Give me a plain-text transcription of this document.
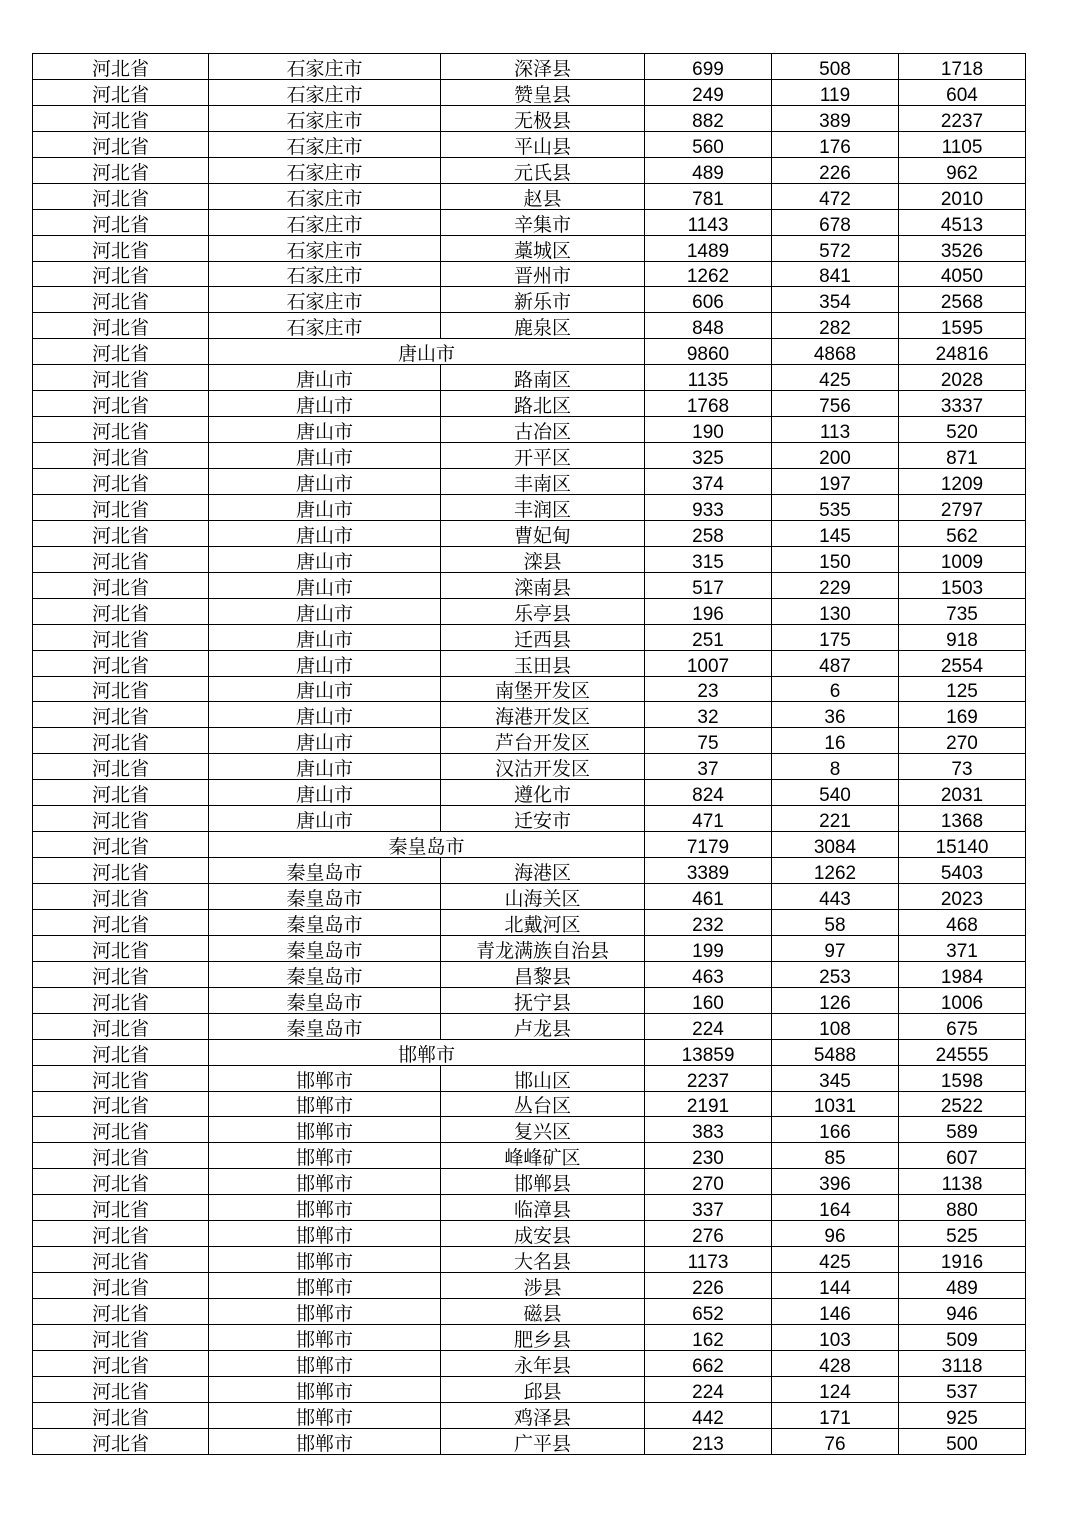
河北省	石家庄市	深泽县	699	508	1718
河北省	石家庄市	赞皇县	249	119	604
河北省	石家庄市	无极县	882	389	2237
河北省	石家庄市	平山县	560	176	1105
河北省	石家庄市	元氏县	489	226	962
河北省	石家庄市	赵县	781	472	2010
河北省	石家庄市	辛集市	1143	678	4513
河北省	石家庄市	藁城区	1489	572	3526
河北省	石家庄市	晋州市	1262	841	4050
河北省	石家庄市	新乐市	606	354	2568
河北省	石家庄市	鹿泉区	848	282	1595
河北省	唐山市		9860	4868	24816
河北省	唐山市	路南区	1135	425	2028
河北省	唐山市	路北区	1768	756	3337
河北省	唐山市	古冶区	190	113	520
河北省	唐山市	开平区	325	200	871
河北省	唐山市	丰南区	374	197	1209
河北省	唐山市	丰润区	933	535	2797
河北省	唐山市	曹妃甸	258	145	562
河北省	唐山市	滦县	315	150	1009
河北省	唐山市	滦南县	517	229	1503
河北省	唐山市	乐亭县	196	130	735
河北省	唐山市	迁西县	251	175	918
河北省	唐山市	玉田县	1007	487	2554
河北省	唐山市	南堡开发区	23	6	125
河北省	唐山市	海港开发区	32	36	169
河北省	唐山市	芦台开发区	75	16	270
河北省	唐山市	汉沽开发区	37	8	73
河北省	唐山市	遵化市	824	540	2031
河北省	唐山市	迁安市	471	221	1368
河北省	秦皇岛市		7179	3084	15140
河北省	秦皇岛市	海港区	3389	1262	5403
河北省	秦皇岛市	山海关区	461	443	2023
河北省	秦皇岛市	北戴河区	232	58	468
河北省	秦皇岛市	青龙满族自治县	199	97	371
河北省	秦皇岛市	昌黎县	463	253	1984
河北省	秦皇岛市	抚宁县	160	126	1006
河北省	秦皇岛市	卢龙县	224	108	675
河北省	邯郸市		13859	5488	24555
河北省	邯郸市	邯山区	2237	345	1598
河北省	邯郸市	丛台区	2191	1031	2522
河北省	邯郸市	复兴区	383	166	589
河北省	邯郸市	峰峰矿区	230	85	607
河北省	邯郸市	邯郸县	270	396	1138
河北省	邯郸市	临漳县	337	164	880
河北省	邯郸市	成安县	276	96	525
河北省	邯郸市	大名县	1173	425	1916
河北省	邯郸市	涉县	226	144	489
河北省	邯郸市	磁县	652	146	946
河北省	邯郸市	肥乡县	162	103	509
河北省	邯郸市	永年县	662	428	3118
河北省	邯郸市	邱县	224	124	537
河北省	邯郸市	鸡泽县	442	171	925
河北省	邯郸市	广平县	213	76	500
